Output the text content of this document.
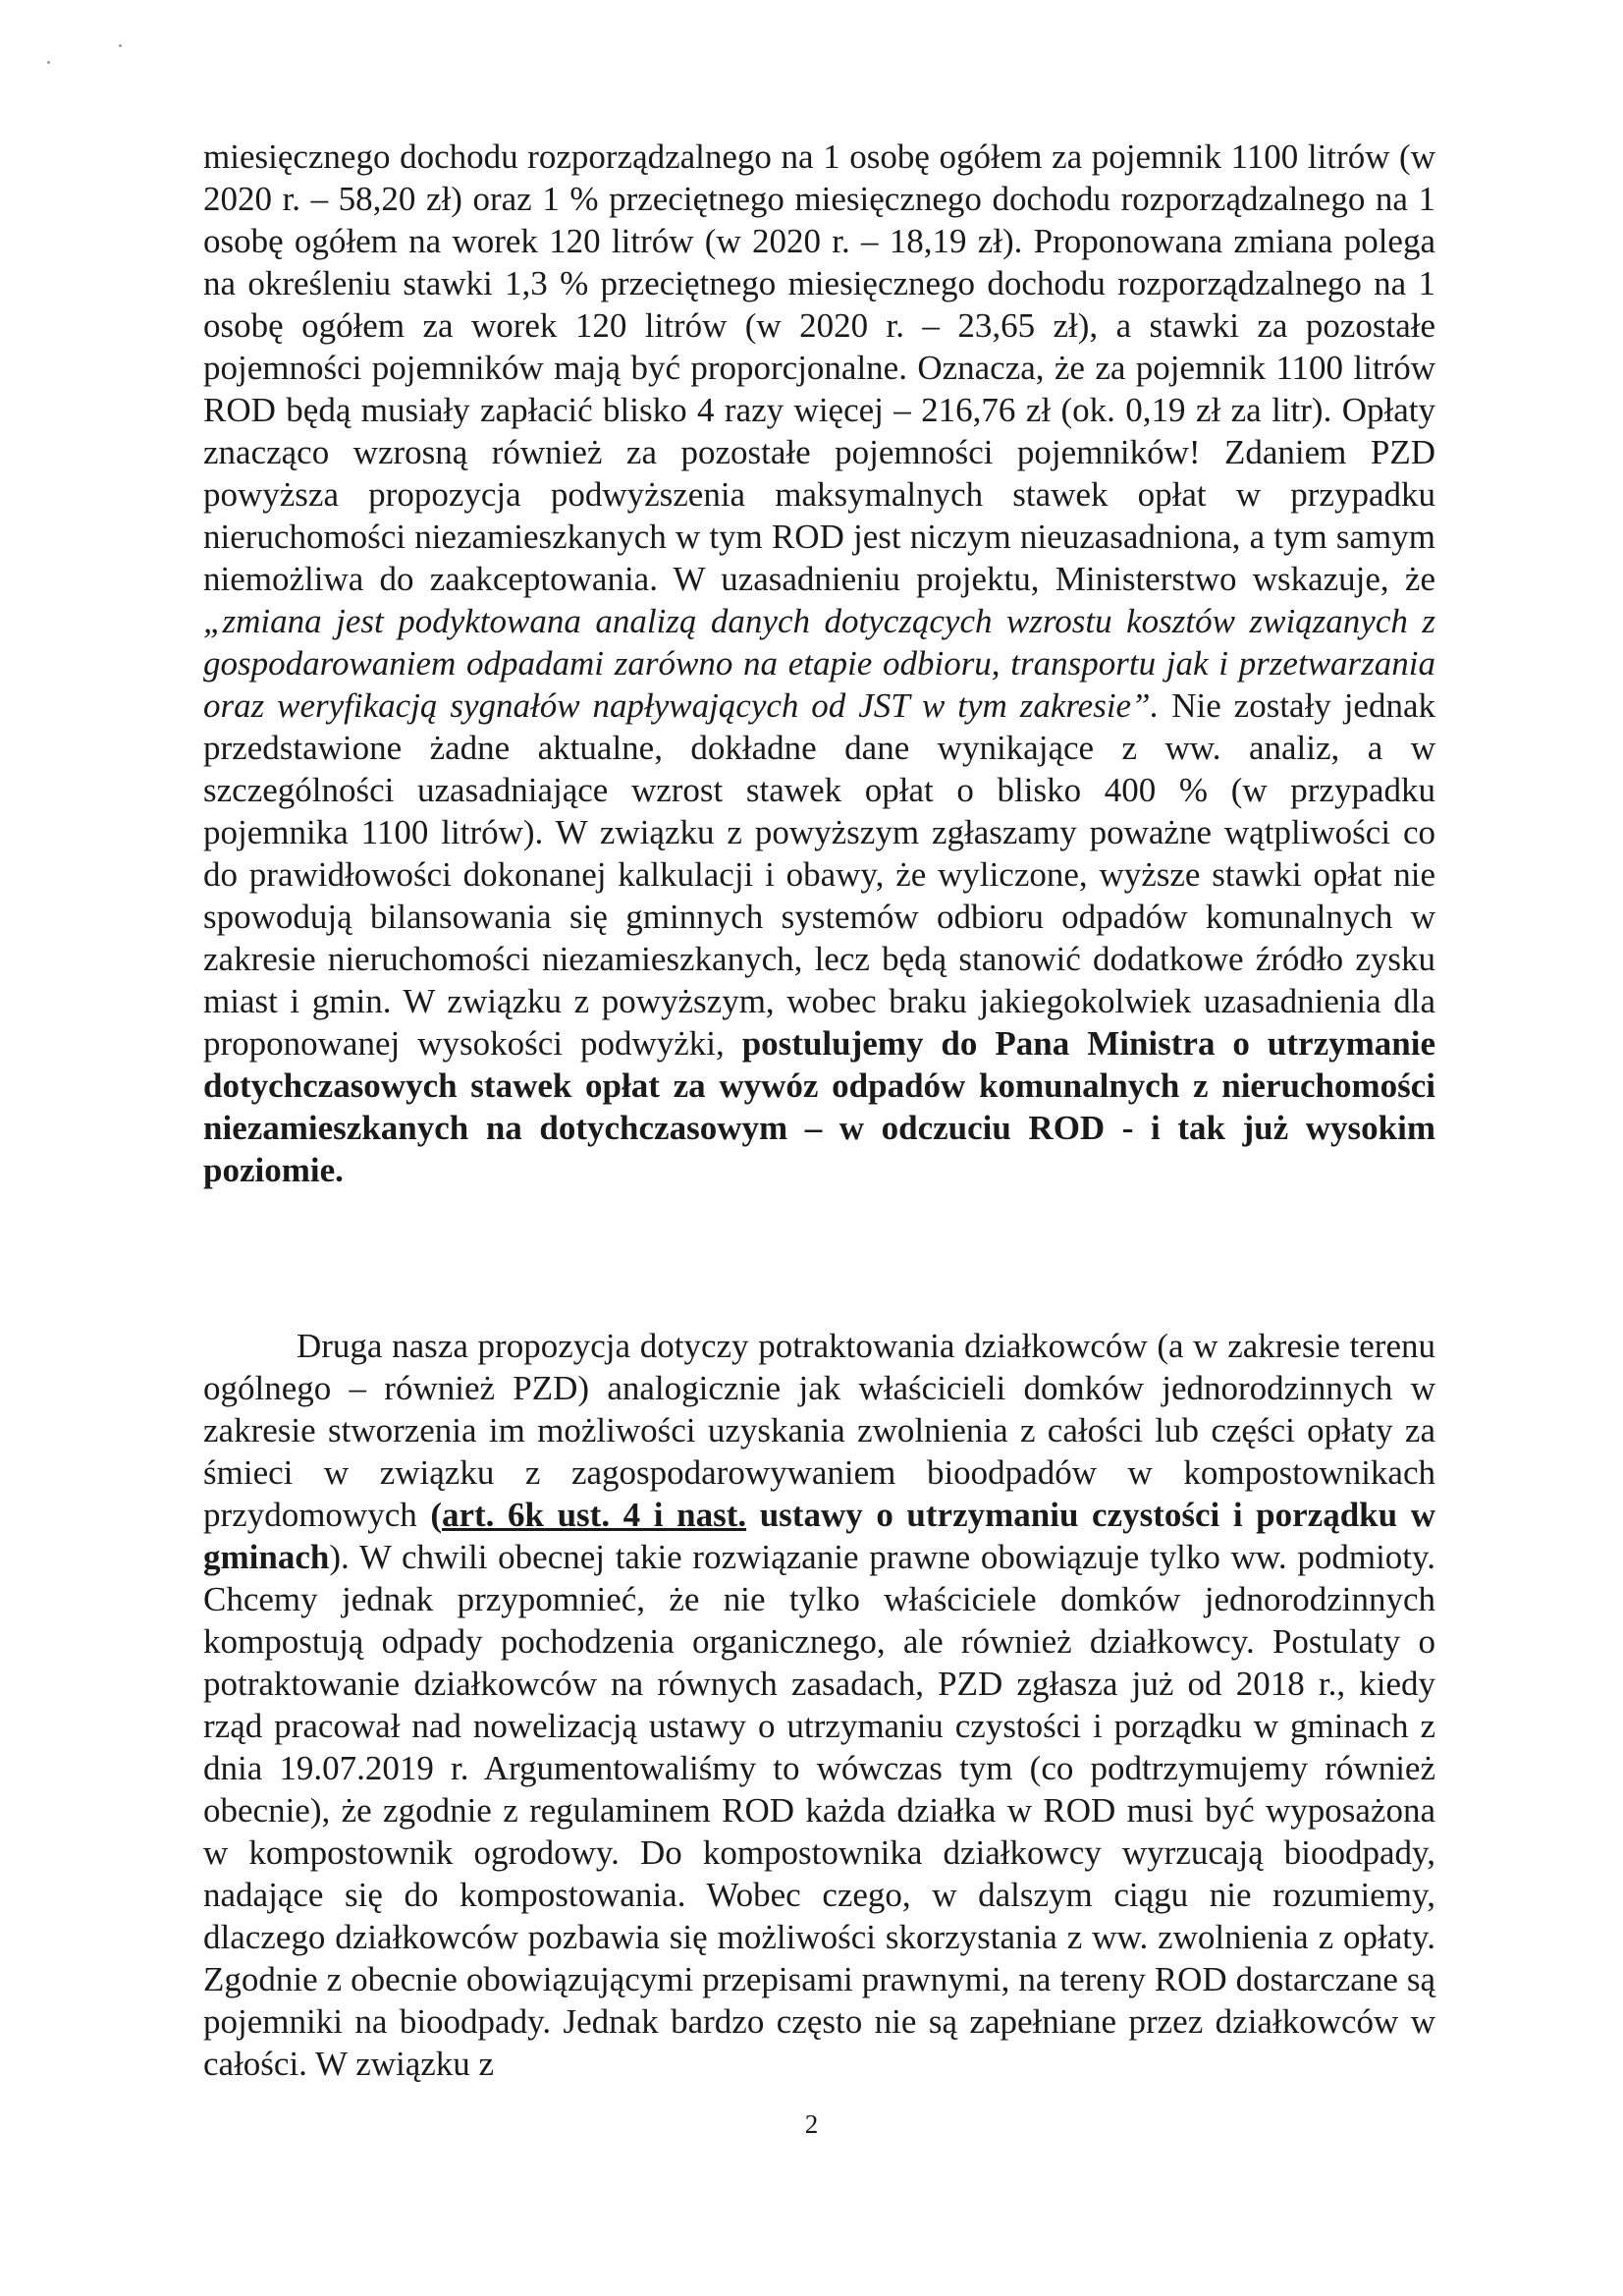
miesięcznego dochodu rozporządzalnego na 1 osobę ogółem za pojemnik 1100 litrów (w 2020 r. – 58,20 zł) oraz 1 % przeciętnego miesięcznego dochodu rozporządzalnego na 1 osobę ogółem na worek 120 litrów (w 2020 r. – 18,19 zł). Proponowana zmiana polega na określeniu stawki 1,3 % przeciętnego miesięcznego dochodu rozporządzalnego na 1 osobę ogółem za worek 120 litrów (w 2020 r. – 23,65 zł), a stawki za pozostałe pojemności pojemników mają być proporcjonalne. Oznacza, że za pojemnik 1100 litrów ROD będą musiały zapłacić blisko 4 razy więcej – 216,76 zł (ok. 0,19 zł za litr). Opłaty znacząco wzrosną również za pozostałe pojemności pojemników! Zdaniem PZD powyższa propozycja podwyższenia maksymalnych stawek opłat w przypadku nieruchomości niezamieszkanych w tym ROD jest niczym nieuzasadniona, a tym samym niemożliwa do zaakceptowania. W uzasadnieniu projektu, Ministerstwo wskazuje, że „zmiana jest podyktowana analizą danych dotyczących wzrostu kosztów związanych z gospodarowaniem odpadami zarówno na etapie odbioru, transportu jak i przetwarzania oraz weryfikacją sygnałów napływających od JST w tym zakresie”. Nie zostały jednak przedstawione żadne aktualne, dokładne dane wynikające z ww. analiz, a w szczególności uzasadniające wzrost stawek opłat o blisko 400 % (w przypadku pojemnika 1100 litrów). W związku z powyższym zgłaszamy poważne wątpliwości co do prawidłowości dokonanej kalkulacji i obawy, że wyliczone, wyższe stawki opłat nie spowodują bilansowania się gminnych systemów odbioru odpadów komunalnych w zakresie nieruchomości niezamieszkanych, lecz będą stanowić dodatkowe źródło zysku miast i gmin. W związku z powyższym, wobec braku jakiegokolwiek uzasadnienia dla proponowanej wysokości podwyżki, postulujemy do Pana Ministra o utrzymanie dotychczasowych stawek opłat za wywóz odpadów komunalnych z nieruchomości niezamieszkanych na dotychczasowym – w odczuciu ROD - i tak już wysokim poziomie.

Druga nasza propozycja dotyczy potraktowania działkowców (a w zakresie terenu ogólnego – również PZD) analogicznie jak właścicieli domków jednorodzinnych w zakresie stworzenia im możliwości uzyskania zwolnienia z całości lub części opłaty za śmieci w związku z zagospodarowywaniem bioodpadów w kompostownikach przydomowych (art. 6k ust. 4 i nast. ustawy o utrzymaniu czystości i porządku w gminach). W chwili obecnej takie rozwiązanie prawne obowiązuje tylko ww. podmioty. Chcemy jednak przypomnieć, że nie tylko właściciele domków jednorodzinnych kompostują odpady pochodzenia organicznego, ale również działkowcy. Postulaty o potraktowanie działkowców na równych zasadach, PZD zgłasza już od 2018 r., kiedy rząd pracował nad nowelizacją ustawy o utrzymaniu czystości i porządku w gminach z dnia 19.07.2019 r. Argumentowaliśmy to wówczas tym (co podtrzymujemy również obecnie), że zgodnie z regulaminem ROD każda działka w ROD musi być wyposażona w kompostownik ogrodowy. Do kompostownika działkowcy wyrzucają bioodpady, nadające się do kompostowania. Wobec czego, w dalszym ciągu nie rozumiemy, dlaczego działkowców pozbawia się możliwości skorzystania z ww. zwolnienia z opłaty. Zgodnie z obecnie obowiązującymi przepisami prawnymi, na tereny ROD dostarczane są pojemniki na bioodpady. Jednak bardzo często nie są zapełniane przez działkowców w całości. W związku z

2
